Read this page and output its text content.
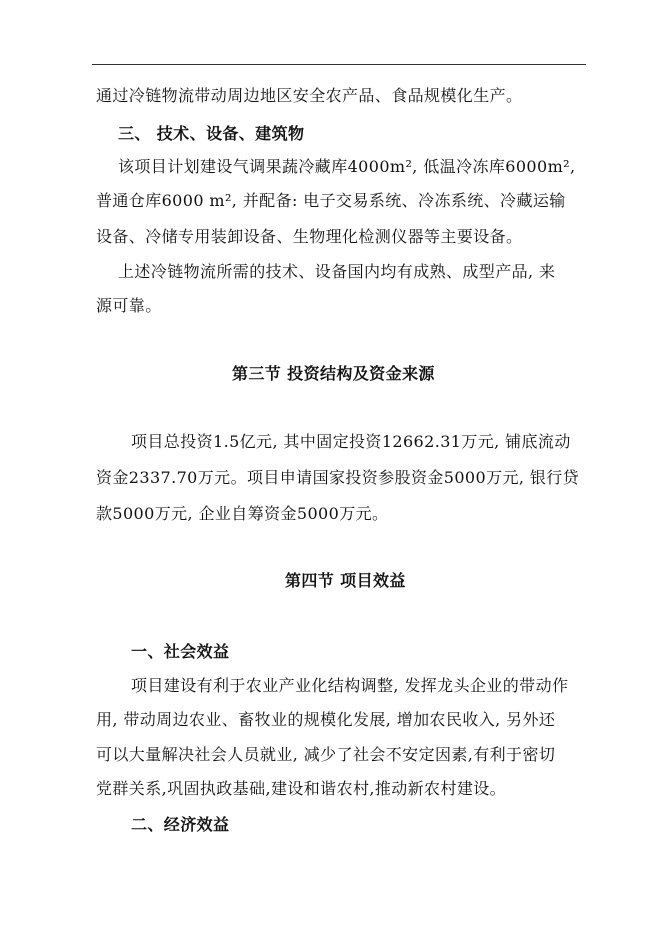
通过冷链物流带动周边地区安全农产品、食品规模化生产。
三、 技术、设备、建筑物
该项目计划建设气调果蔬冷藏库4000m², 低温冷冻库6000m²,
普通仓库6000 m², 并配备: 电子交易系统、冷冻系统、冷藏运输
设备、冷储专用装卸设备、生物理化检测仪器等主要设备。
上述冷链物流所需的技术、设备国内均有成熟、成型产品, 来
源可靠。
第三节 投资结构及资金来源
项目总投资1.5亿元, 其中固定投资12662.31万元, 铺底流动
资金2337.70万元。项目申请国家投资参股资金5000万元, 银行贷
款5000万元, 企业自筹资金5000万元。
第四节 项目效益
一、社会效益
项目建设有利于农业产业化结构调整, 发挥龙头企业的带动作
用, 带动周边农业、畜牧业的规模化发展, 增加农民收入, 另外还
可以大量解决社会人员就业, 减少了社会不安定因素,有利于密切
党群关系,巩固执政基础,建设和谐农村,推动新农村建设。
二、经济效益
